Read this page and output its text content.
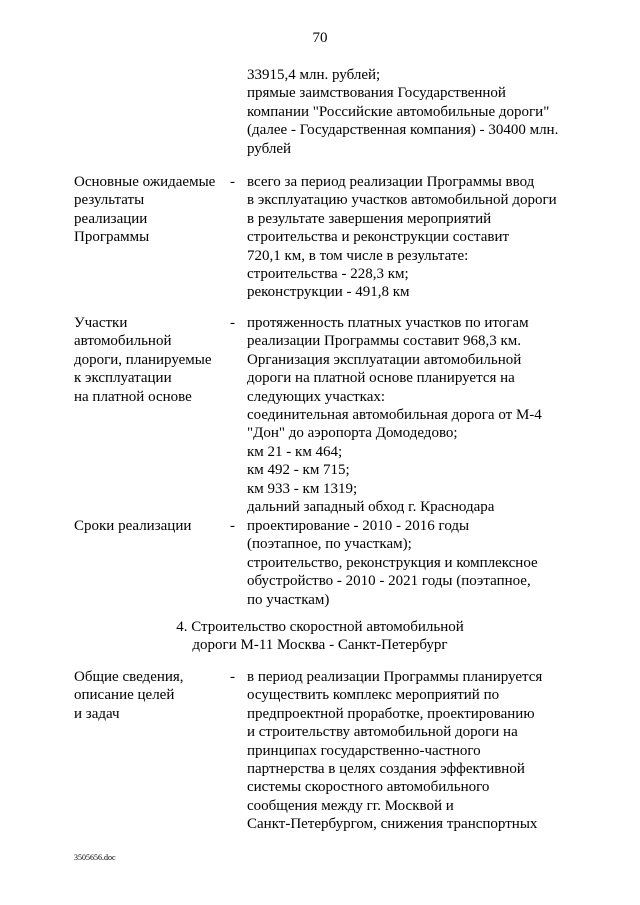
70
33915,4 млн. рублей;
прямые заимствования Государственной
компании "Российские автомобильные дороги"
(далее - Государственная компания) - 30400 млн.
рублей
Основные ожидаемые
результаты
реализации
Программы
- всего за период реализации Программы ввод
в эксплуатацию участков автомобильной дороги
в результате завершения мероприятий
строительства и реконструкции составит
720,1 км, в том числе в результате:
строительства - 228,3 км;
реконструкции - 491,8 км
Участки
автомобильной
дороги, планируемые
к эксплуатации
на платной основе
- протяженность платных участков по итогам
реализации Программы составит 968,3 км.
Организация эксплуатации автомобильной
дороги на платной основе планируется на
следующих участках:
соединительная автомобильная дорога от М-4
"Дон" до аэропорта Домодедово;
км 21 - км 464;
км 492 - км 715;
км 933 - км 1319;
дальний западный обход г. Краснодара
Сроки реализации	- проектирование - 2010 - 2016 годы
(поэтапное, по участкам);
строительство, реконструкция и комплексное
обустройство - 2010 - 2021 годы (поэтапное,
по участкам)
4. Строительство скоростной автомобильной
дороги М-11 Москва - Санкт-Петербург
Общие сведения,
описание целей
и задач
- в период реализации Программы планируется
осуществить комплекс мероприятий по
предпроектной проработке, проектированию
и строительству автомобильной дороги на
принципах государственно-частного
партнерства в целях создания эффективной
системы скоростного автомобильного
сообщения между гг. Москвой и
Санкт-Петербургом, снижения транспортных
3505656.doc
